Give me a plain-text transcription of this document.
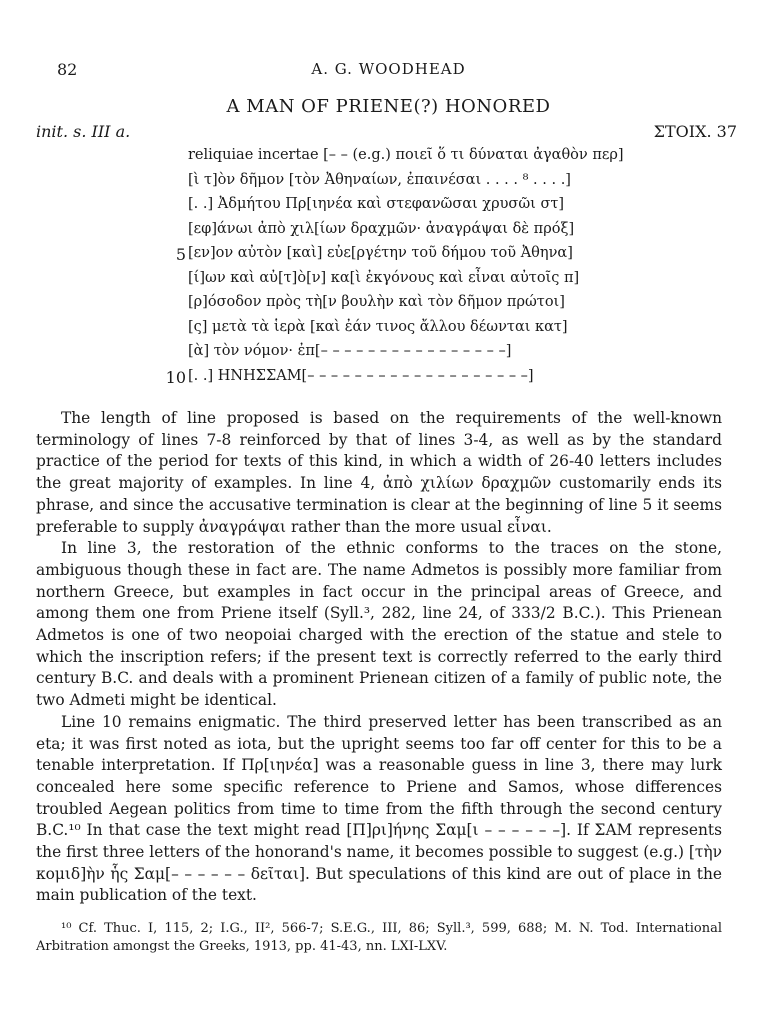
82	A. G. WOODHEAD
A MAN OF PRIENE(?) HONORED
init. s. III a.	ΣTOIX. 37
reliquiae incertae [– – (e.g.) ποιεῖ ὅ τι δύναται ἀγαθὸν περ]
[ὶ τ]ὸν δῆμον [τὸν Ἀθηναίων, ἐπαινέσαι . . . . ⁸ . . . .]
[. .] Ἀδμήτου Πρ[ιηνέα καὶ στεφανῶσαι χρυσῶι στ]
[εφ]άνωι ἀπὸ χιλ[ίων δραχμῶν· ἀναγράψαι δὲ πρόξ]
5 [εν]ον αὐτὸν [καὶ] εὐε[ργέτην τοῦ δήμου τοῦ Ἀθηνα]
[ί]ων καὶ αὐ[τ]ὸ[ν] κα[ὶ ἐκγόνους καὶ εἶναι αὐτοῖς π]
[ρ]όσοδον πρὸς τὴ[ν βουλὴν καὶ τὸν δῆμον πρώτοι]
[ς] μετὰ τὰ ἱερὰ [καὶ ἐάν τινος ἄλλου δέωνται κατ]
[ὰ] τὸν νόμον· ἐπ[– – – – – – – – – – – – – – – –]
10 [. .] HNHΣΣAM[– – – – – – – – – – – – – – – – – – –]

The length of line proposed is based on the requirements of the well-known terminology of lines 7-8 reinforced by that of lines 3-4, as well as by the standard practice of the period for texts of this kind, in which a width of 26-40 letters includes the great majority of examples. In line 4, ἀπὸ χιλίων δραχμῶν customarily ends its phrase, and since the accusative termination is clear at the beginning of line 5 it seems preferable to supply ἀναγράψαι rather than the more usual εἶναι.

In line 3, the restoration of the ethnic conforms to the traces on the stone, ambiguous though these in fact are. The name Admetos is possibly more familiar from northern Greece, but examples in fact occur in the principal areas of Greece, and among them one from Priene itself (Syll.³, 282, line 24, of 333/2 B.C.). This Prienean Admetos is one of two neopoiai charged with the erection of the statue and stele to which the inscription refers; if the present text is correctly referred to the early third century B.C. and deals with a prominent Prienean citizen of a family of public note, the two Admeti might be identical.

Line 10 remains enigmatic. The third preserved letter has been transcribed as an eta; it was first noted as iota, but the upright seems too far off center for this to be a tenable interpretation. If Πρ[ιηνέα] was a reasonable guess in line 3, there may lurk concealed here some specific reference to Priene and Samos, whose differences troubled Aegean politics from time to time from the fifth through the second century B.C.¹⁰ In that case the text might read [Π]ρι]ήνης Σαμ[ι – – – – – –]. If ΣAM represents the first three letters of the honorand's name, it becomes possible to suggest (e.g.) [τὴν κομιδ]ὴν ἧς Σαμ[– – – – – – δεῖται]. But speculations of this kind are out of place in the main publication of the text.

¹⁰ Cf. Thuc. I, 115, 2; I.G., II², 566-7; S.E.G., III, 86; Syll.³, 599, 688; M. N. Tod. International Arbitration amongst the Greeks, 1913, pp. 41-43, nn. LXI-LXV.
